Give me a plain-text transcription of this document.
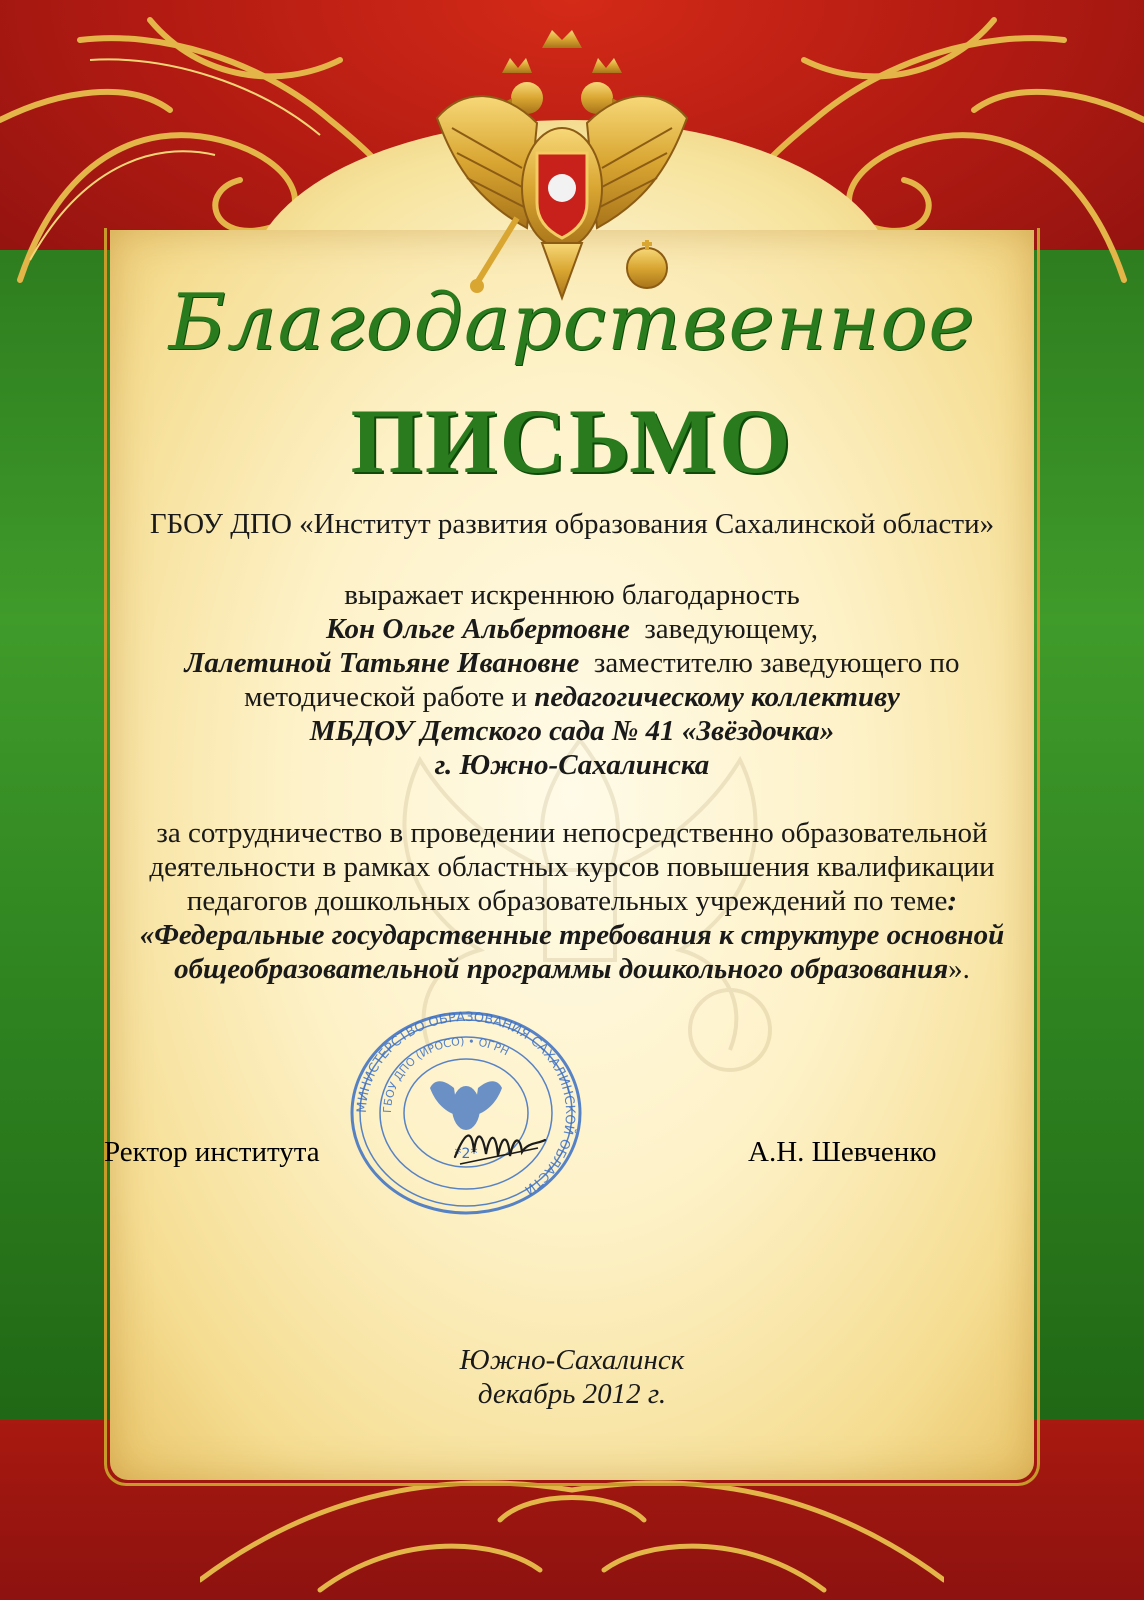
Благодарственное
ПИСЬМО
ГБОУ ДПО «Институт развития образования Сахалинской области»
выражает искреннюю благодарность
Кон Ольге Альбертовне заведующему,
Лалетиной Татьяне Ивановне заместителю заведующего по
методической работе и педагогическому коллективу
МБДОУ Детского сада № 41 «Звёздочка»
г. Южно-Сахалинска
за сотрудничество в проведении непосредственно образовательной
деятельности в рамках областных курсов повышения квалификации
педагогов дошкольных образовательных учреждений по теме:
«Федеральные государственные требования к структуре основной
общеобразовательной программы дошкольного образования».
МИНИСТЕРСТВО ОБРАЗОВАНИЯ САХАЛИНСКОЙ ОБЛАСТИ
ГБОУ ДПО (ИРОСО) • ОГРН
*2*
Ректор института	А.Н. Шевченко
Южно-Сахалинск
декабрь 2012 г.
